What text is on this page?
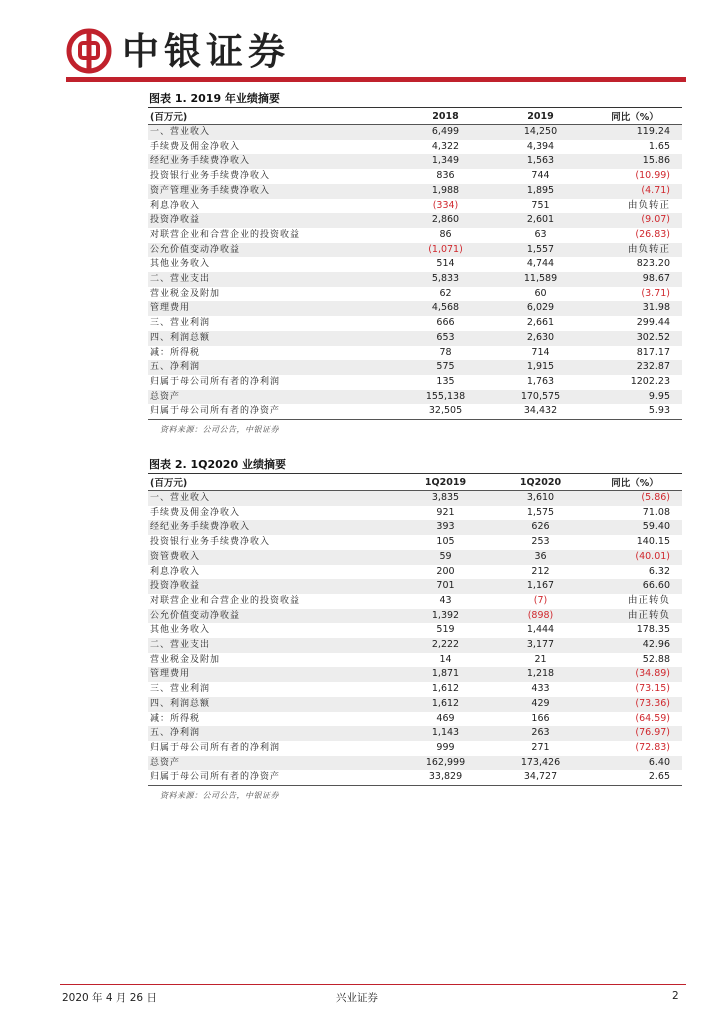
中银证券
图表 1. 2019 年业绩摘要
(百万元)	2018	2019	同比（%）
一、营业收入	6,499	14,250	119.24
手续费及佣金净收入	4,322	4,394	1.65
经纪业务手续费净收入	1,349	1,563	15.86
投资银行业务手续费净收入	836	744	(10.99)
资产管理业务手续费净收入	1,988	1,895	(4.71)
利息净收入	(334)	751	由负转正
投资净收益	2,860	2,601	(9.07)
对联营企业和合营企业的投资收益	86	63	(26.83)
公允价值变动净收益	(1,071)	1,557	由负转正
其他业务收入	514	4,744	823.20
二、营业支出	5,833	11,589	98.67
营业税金及附加	62	60	(3.71)
管理费用	4,568	6,029	31.98
三、营业利润	666	2,661	299.44
四、利润总额	653	2,630	302.52
减：所得税	78	714	817.17
五、净利润	575	1,915	232.87
归属于母公司所有者的净利润	135	1,763	1202.23
总资产	155,138	170,575	9.95
归属于母公司所有者的净资产	32,505	34,432	5.93
资料来源：公司公告，中银证券
图表 2. 1Q2020 业绩摘要
(百万元)	1Q2019	1Q2020	同比（%）
一、营业收入	3,835	3,610	(5.86)
手续费及佣金净收入	921	1,575	71.08
经纪业务手续费净收入	393	626	59.40
投资银行业务手续费净收入	105	253	140.15
资管费收入	59	36	(40.01)
利息净收入	200	212	6.32
投资净收益	701	1,167	66.60
对联营企业和合营企业的投资收益	43	(7)	由正转负
公允价值变动净收益	1,392	(898)	由正转负
其他业务收入	519	1,444	178.35
二、营业支出	2,222	3,177	42.96
营业税金及附加	14	21	52.88
管理费用	1,871	1,218	(34.89)
三、营业利润	1,612	433	(73.15)
四、利润总额	1,612	429	(73.36)
减：所得税	469	166	(64.59)
五、净利润	1,143	263	(76.97)
归属于母公司所有者的净利润	999	271	(72.83)
总资产	162,999	173,426	6.40
归属于母公司所有者的净资产	33,829	34,727	2.65
资料来源：公司公告，中银证券
2020 年 4 月 26 日	兴业证券	2
